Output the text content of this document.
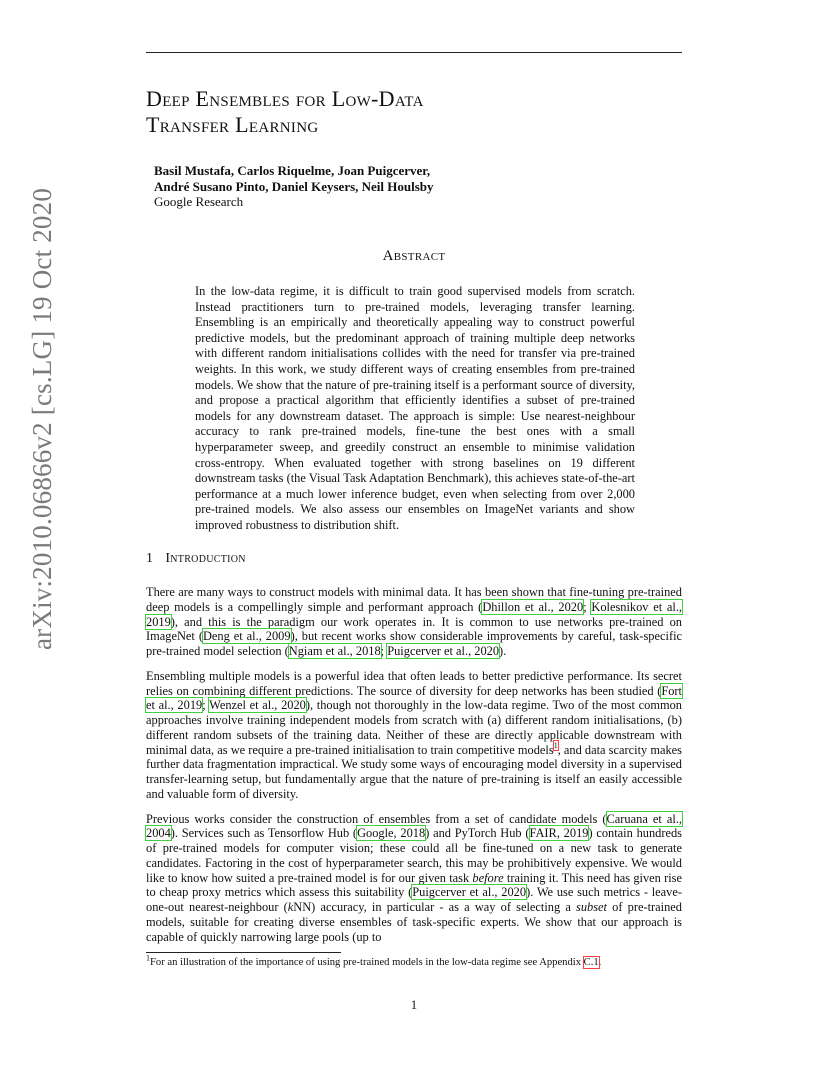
arXiv:2010.06866v2 [cs.LG] 19 Oct 2020
Deep Ensembles for Low-Data
Transfer Learning
Basil Mustafa, Carlos Riquelme, Joan Puigcerver,
André Susano Pinto, Daniel Keysers, Neil Houlsby
Google Research
Abstract

In the low-data regime, it is difficult to train good supervised models from scratch. Instead practitioners turn to pre-trained models, leveraging transfer learning. Ensembling is an empirically and theoretically appealing way to construct powerful predictive models, but the predominant approach of training multiple deep networks with different random initialisations collides with the need for transfer via pre-trained weights. In this work, we study different ways of creating ensembles from pre-trained models. We show that the nature of pre-training itself is a performant source of diversity, and propose a practical algorithm that efficiently identifies a subset of pre-trained models for any downstream dataset. The approach is simple: Use nearest-neighbour accuracy to rank pre-trained models, fine-tune the best ones with a small hyperparameter sweep, and greedily construct an ensemble to minimise validation cross-entropy. When evaluated together with strong baselines on 19 different downstream tasks (the Visual Task Adaptation Benchmark), this achieves state-of-the-art performance at a much lower inference budget, even when selecting from over 2,000 pre-trained models. We also assess our ensembles on ImageNet variants and show improved robustness to distribution shift.

1 Introduction

There are many ways to construct models with minimal data. It has been shown that fine-tuning pre-trained deep models is a compellingly simple and performant approach (Dhillon et al., 2020; Kolesnikov et al., 2019), and this is the paradigm our work operates in. It is common to use networks pre-trained on ImageNet (Deng et al., 2009), but recent works show considerable improvements by careful, task-specific pre-trained model selection (Ngiam et al., 2018; Puigcerver et al., 2020).

Ensembling multiple models is a powerful idea that often leads to better predictive performance. Its secret relies on combining different predictions. The source of diversity for deep networks has been studied (Fort et al., 2019; Wenzel et al., 2020), though not thoroughly in the low-data regime. Two of the most common approaches involve training independent models from scratch with (a) different random initialisations, (b) different random subsets of the training data. Neither of these are directly applicable downstream with minimal data, as we require a pre-trained initialisation to train competitive models$^1$, and data scarcity makes further data fragmentation impractical. We study some ways of encouraging model diversity in a supervised transfer-learning setup, but fundamentally argue that the nature of pre-training is itself an easily accessible and valuable form of diversity.

Previous works consider the construction of ensembles from a set of candidate models (Caruana et al., 2004). Services such as Tensorflow Hub (Google, 2018) and PyTorch Hub (FAIR, 2019) contain hundreds of pre-trained models for computer vision; these could all be fine-tuned on a new task to generate candidates. Factoring in the cost of hyperparameter search, this may be prohibitively expensive. We would like to know how suited a pre-trained model is for our given task before training it. This need has given rise to cheap proxy metrics which assess this suitability (Puigcerver et al., 2020). We use such metrics - leave-one-out nearest-neighbour (kNN) accuracy, in particular - as a way of selecting a subset of pre-trained models, suitable for creating diverse ensembles of task-specific experts. We show that our approach is capable of quickly narrowing large pools (up to

$^1$For an illustration of the importance of using pre-trained models in the low-data regime see Appendix C.1.
1
